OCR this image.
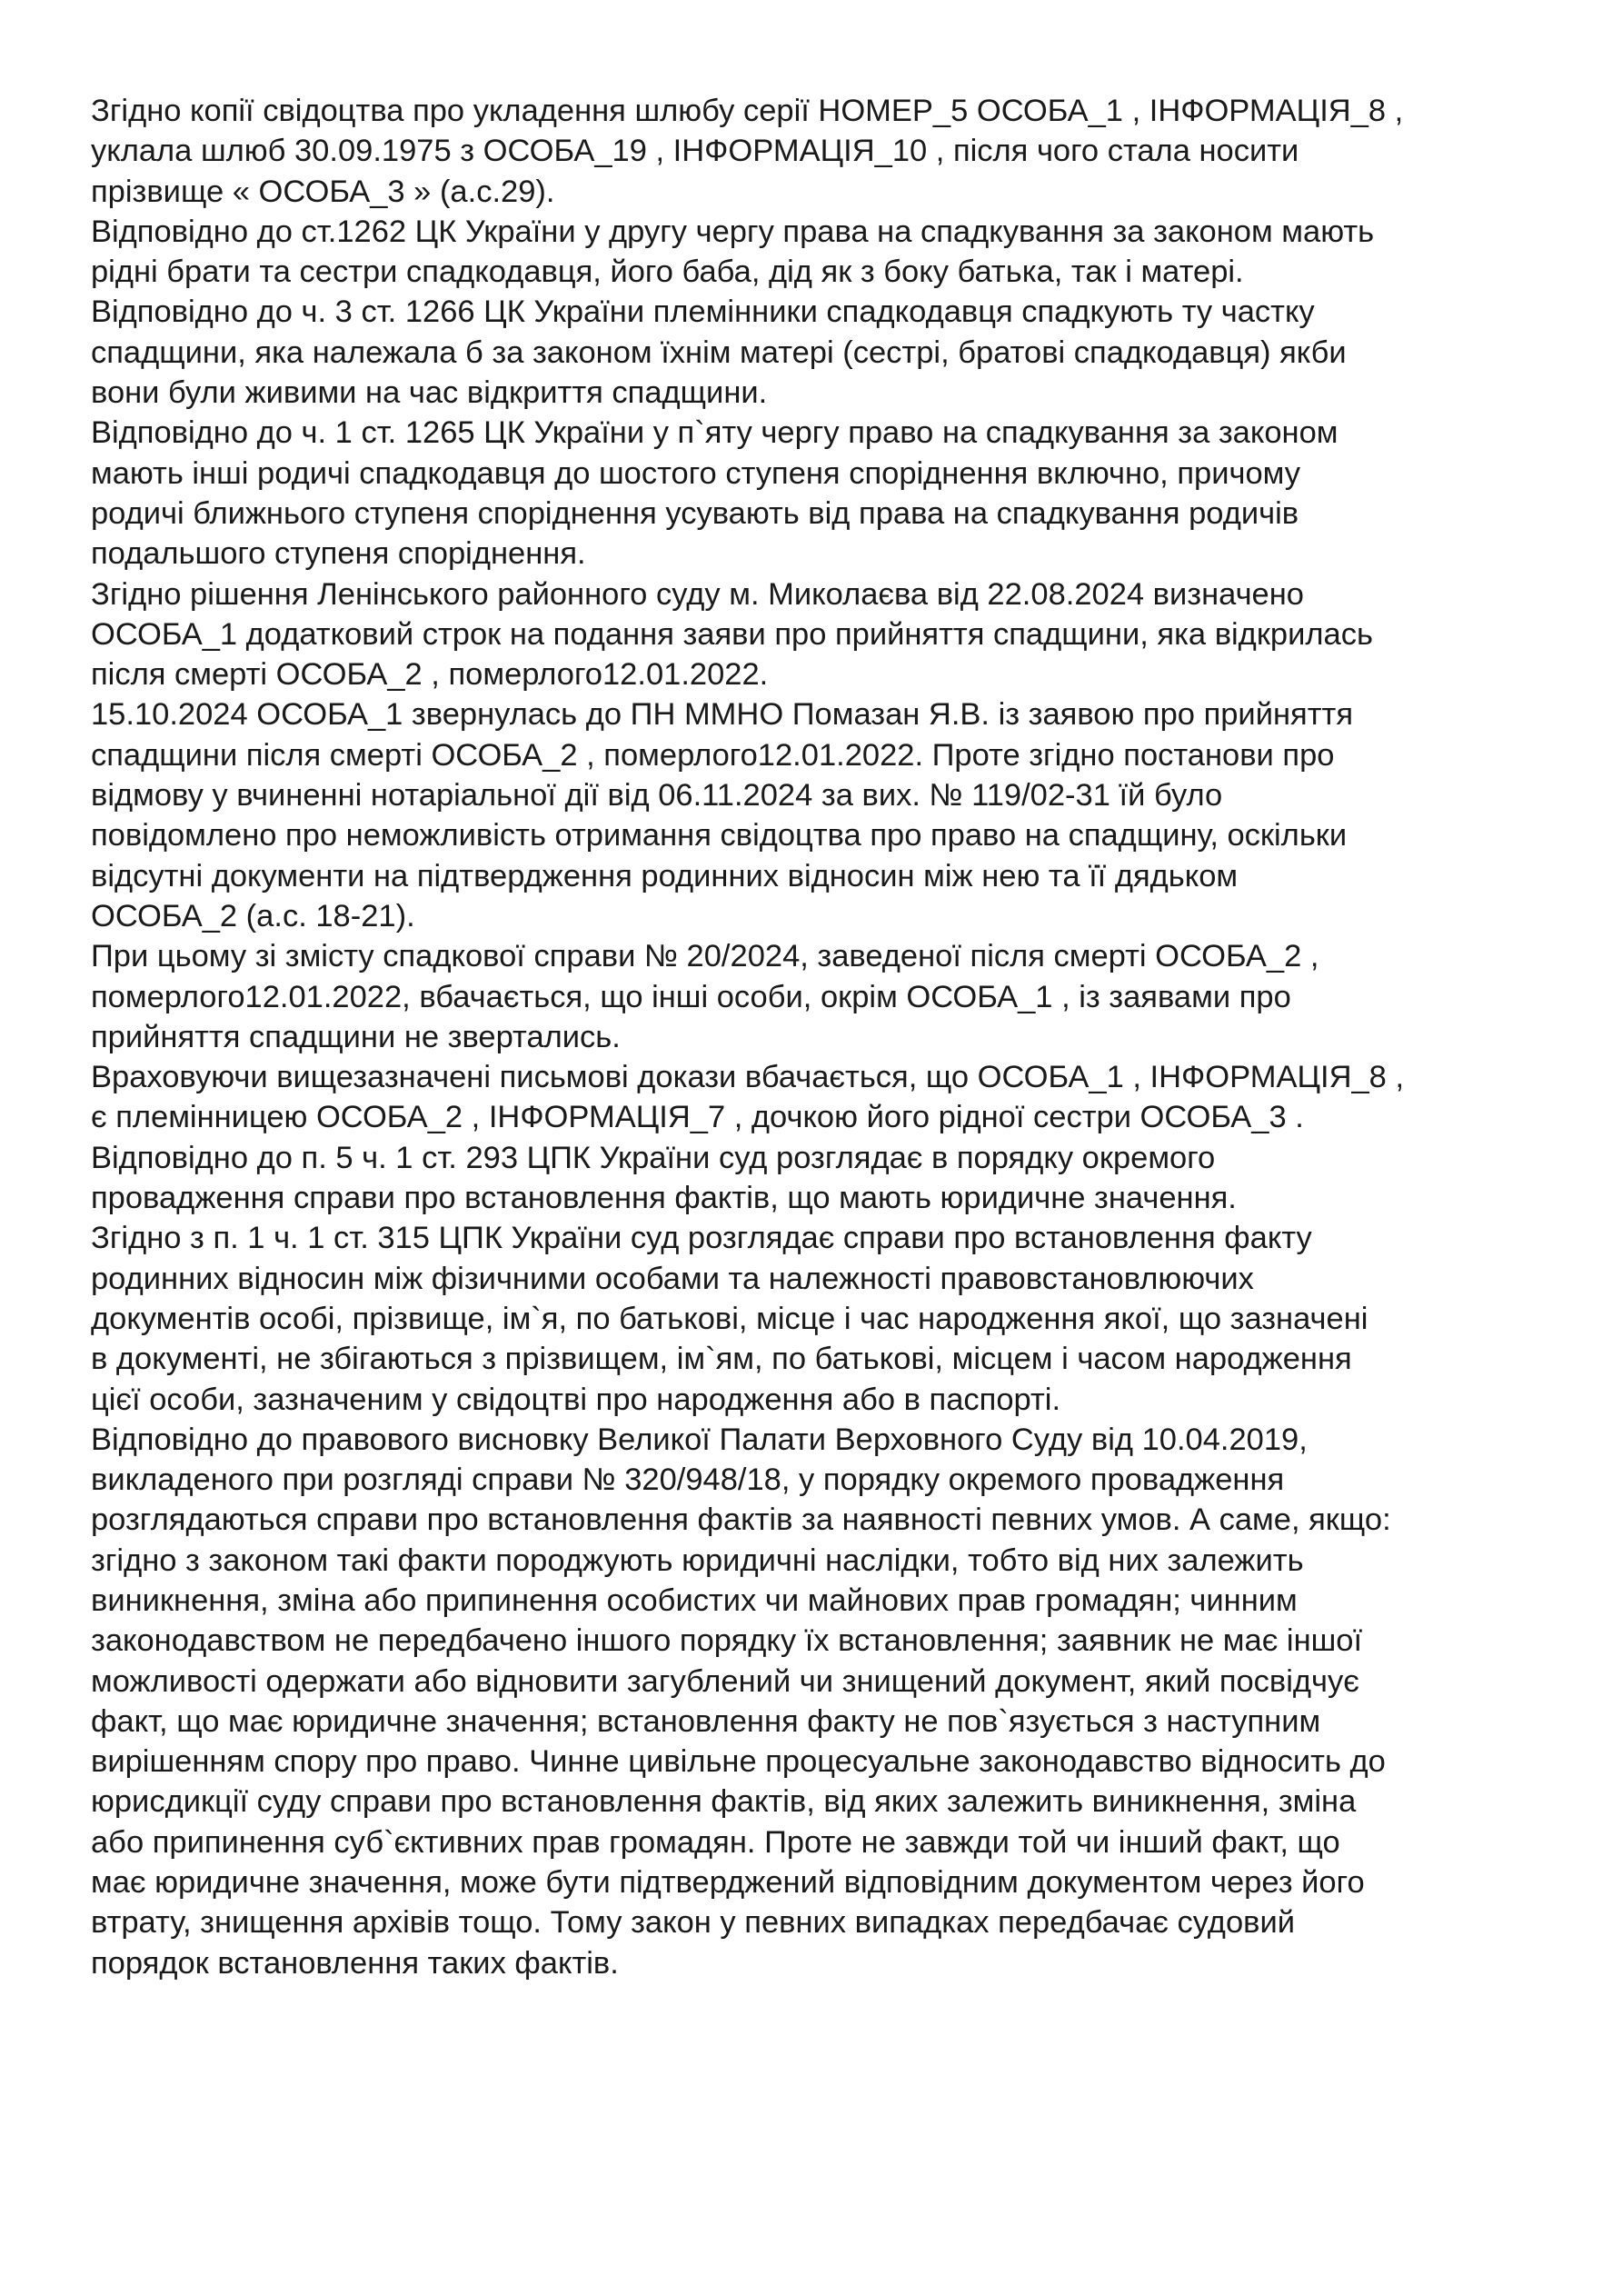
Згідно копії свідоцтва про укладення шлюбу серії НОМЕР_5 ОСОБА_1 , ІНФОРМАЦІЯ_8 ,
уклала шлюб 30.09.1975 з ОСОБА_19 , ІНФОРМАЦІЯ_10 , після чого стала носити
прізвище « ОСОБА_3 » (а.с.29).
Відповідно до ст.1262 ЦК України у другу чергу права на спадкування за законом мають
рідні брати та сестри спадкодавця, його баба, дід як з боку батька, так і матері.
Відповідно до ч. 3 ст. 1266 ЦК України племінники спадкодавця спадкують ту частку
спадщини, яка належала б за законом їхнім матері (сестрі, братові спадкодавця) якби
вони були живими на час відкриття спадщини.
Відповідно до ч. 1 ст. 1265 ЦК України у п`яту чергу право на спадкування за законом
мають інші родичі спадкодавця до шостого ступеня споріднення включно, причому
родичі ближнього ступеня споріднення усувають від права на спадкування родичів
подальшого ступеня споріднення.
Згідно рішення Ленінського районного суду м. Миколаєва від 22.08.2024 визначено
ОСОБА_1 додатковий строк на подання заяви про прийняття спадщини, яка відкрилась
після смерті ОСОБА_2 , померлого12.01.2022.
15.10.2024 ОСОБА_1 звернулась до ПН ММНО Помазан Я.В. із заявою про прийняття
спадщини після смерті ОСОБА_2 , померлого12.01.2022. Проте згідно постанови про
відмову у вчиненні нотаріальної дії від 06.11.2024 за вих. № 119/02-31 їй було
повідомлено про неможливість отримання свідоцтва про право на спадщину, оскільки
відсутні документи на підтвердження родинних відносин між нею та її дядьком
ОСОБА_2 (а.с. 18-21).
При цьому зі змісту спадкової справи № 20/2024, заведеної після смерті ОСОБА_2 ,
померлого12.01.2022, вбачається, що інші особи, окрім ОСОБА_1 , із заявами про
прийняття спадщини не звертались.
Враховуючи вищезазначені письмові докази вбачається, що ОСОБА_1 , ІНФОРМАЦІЯ_8 ,
є племінницею ОСОБА_2 , ІНФОРМАЦІЯ_7 , дочкою його рідної сестри ОСОБА_3 .
Відповідно до п. 5 ч. 1 ст. 293 ЦПК України суд розглядає в порядку окремого
провадження справи про встановлення фактів, що мають юридичне значення.
Згідно з п. 1 ч. 1 ст. 315 ЦПК України суд розглядає справи про встановлення факту
родинних відносин між фізичними особами та належності правовстановлюючих
документів особі, прізвище, ім`я, по батькові, місце і час народження якої, що зазначені
в документі, не збігаються з прізвищем, ім`ям, по батькові, місцем і часом народження
цієї особи, зазначеним у свідоцтві про народження або в паспорті.
Відповідно до правового висновку Великої Палати Верховного Суду від 10.04.2019,
викладеного при розгляді справи № 320/948/18, у порядку окремого провадження
розглядаються справи про встановлення фактів за наявності певних умов. А саме, якщо:
згідно з законом такі факти породжують юридичні наслідки, тобто від них залежить
виникнення, зміна або припинення особистих чи майнових прав громадян; чинним
законодавством не передбачено іншого порядку їх встановлення; заявник не має іншої
можливості одержати або відновити загублений чи знищений документ, який посвідчує
факт, що має юридичне значення; встановлення факту не пов`язується з наступним
вирішенням спору про право. Чинне цивільне процесуальне законодавство відносить до
юрисдикції суду справи про встановлення фактів, від яких залежить виникнення, зміна
або припинення суб`єктивних прав громадян. Проте не завжди той чи інший факт, що
має юридичне значення, може бути підтверджений відповідним документом через його
втрату, знищення архівів тощо. Тому закон у певних випадках передбачає судовий
порядок встановлення таких фактів.
